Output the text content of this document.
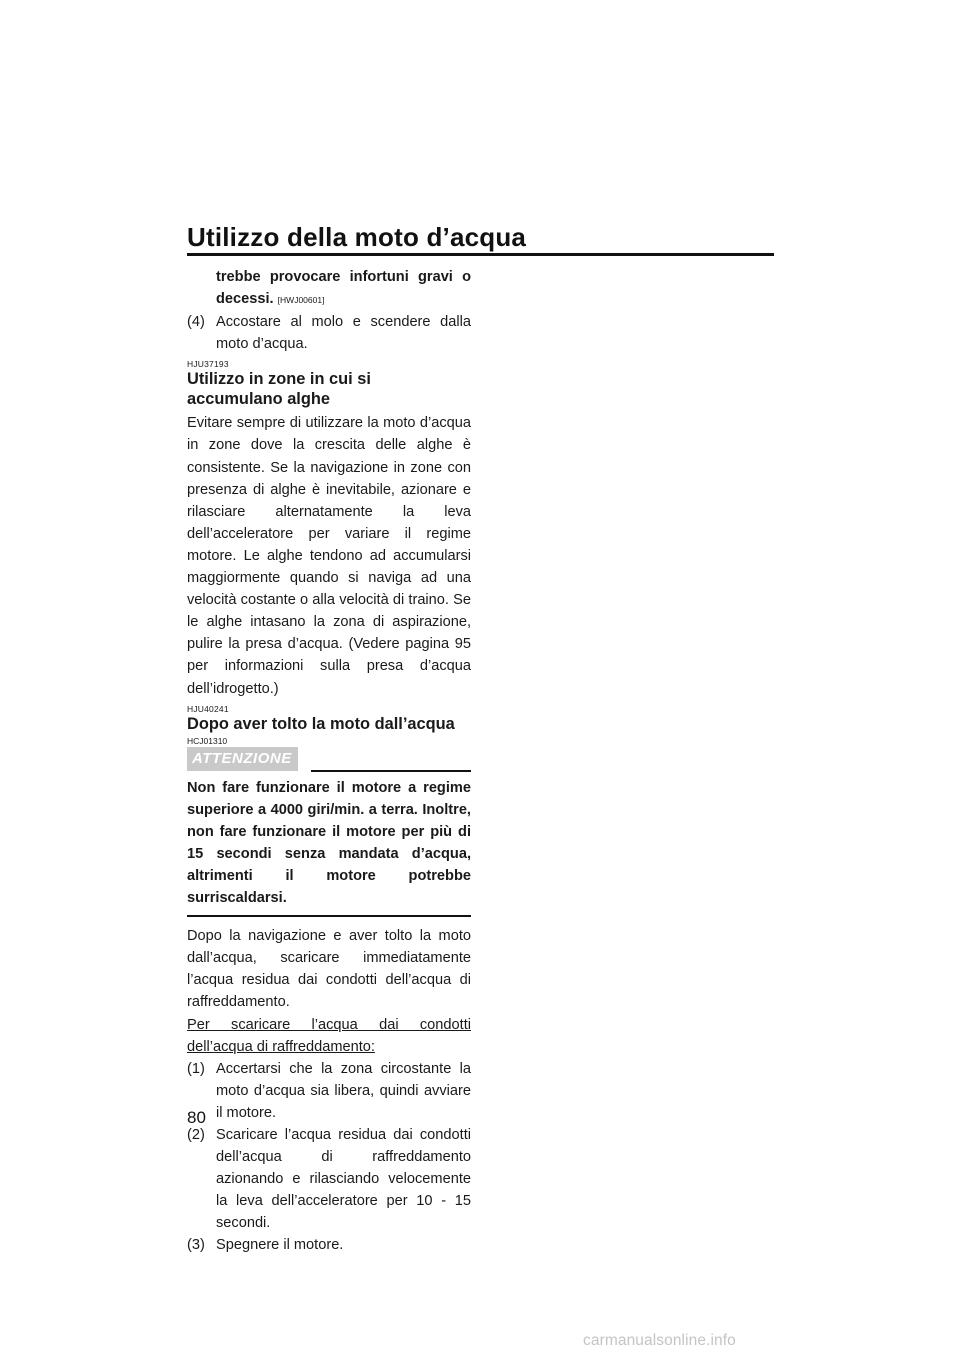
Utilizzo della moto d’acqua
trebbe provocare infortuni gravi o decessi. [HWJ00601]
(4) Accostare al molo e scendere dalla moto d’acqua.
HJU37193
Utilizzo in zone in cui si accumulano alghe
Evitare sempre di utilizzare la moto d’acqua in zone dove la crescita delle alghe è consistente. Se la navigazione in zone con presenza di alghe è inevitabile, azionare e rilasciare alternatamente la leva dell’acceleratore per variare il regime motore. Le alghe tendono ad accumularsi maggiormente quando si naviga ad una velocità costante o alla velocità di traino. Se le alghe intasano la zona di aspirazione, pulire la presa d’acqua. (Vedere pagina 95 per informazioni sulla presa d’acqua dell’idrogetto.)
HJU40241
Dopo aver tolto la moto dall’acqua
HCJ01310
ATTENZIONE
Non fare funzionare il motore a regime superiore a 4000 giri/min. a terra. Inoltre, non fare funzionare il motore per più di 15 secondi senza mandata d’acqua, altrimenti il motore potrebbe surriscaldarsi.
Dopo la navigazione e aver tolto la moto dall’acqua, scaricare immediatamente l’acqua residua dai condotti dell’acqua di raffreddamento.
Per scaricare l’acqua dai condotti dell’acqua di raffreddamento:
(1) Accertarsi che la zona circostante la moto d’acqua sia libera, quindi avviare il motore.
(2) Scaricare l’acqua residua dai condotti dell’acqua di raffreddamento azionando e rilasciando velocemente la leva dell’acceleratore per 10 - 15 secondi.
(3) Spegnere il motore.
80
carmanualsonline.info
